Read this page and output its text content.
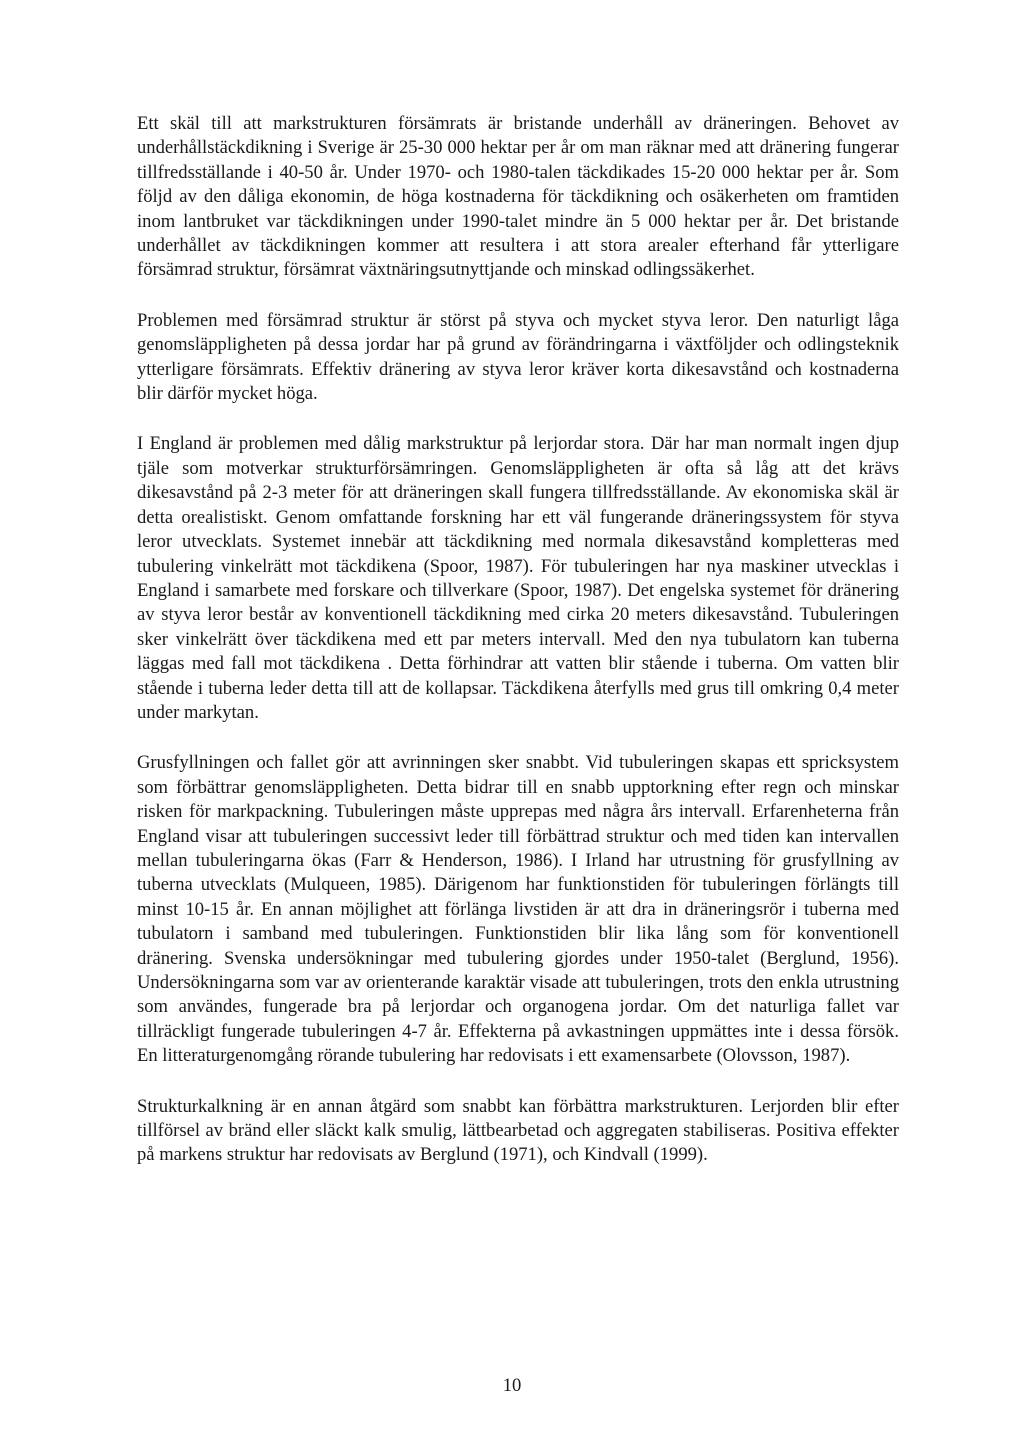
Ett skäl till att markstrukturen försämrats är bristande underhåll av dräneringen. Behovet av underhållstäckdikning i Sverige är 25-30 000 hektar per år om man räknar med att dränering fungerar tillfredsställande i 40-50 år. Under 1970- och 1980-talen täckdikades 15-20 000 hektar per år. Som följd av den dåliga ekonomin, de höga kostnaderna för täckdikning och osäkerheten om framtiden inom lantbruket var täckdikningen under 1990-talet mindre än 5 000 hektar per år. Det bristande underhållet av täckdikningen kommer att resultera i att stora arealer efterhand får ytterligare försämrad struktur, försämrat växtnäringsutnyttjande och minskad odlingssäkerhet.

Problemen med försämrad struktur är störst på styva och mycket styva leror. Den naturligt låga genomsläppligheten på dessa jordar har på grund av förändringarna i växtföljder och odlingsteknik ytterligare försämrats. Effektiv dränering av styva leror kräver korta dikesavstånd och kostnaderna blir därför mycket höga.

I England är problemen med dålig markstruktur på lerjordar stora. Där har man normalt ingen djup tjäle som motverkar strukturförsämringen. Genomsläppligheten är ofta så låg att det krävs dikesavstånd på 2-3 meter för att dräneringen skall fungera tillfredsställande. Av ekonomiska skäl är detta orealistiskt. Genom omfattande forskning har ett väl fungerande dräneringssystem för styva leror utvecklats. Systemet innebär att täckdikning med normala dikesavstånd kompletteras med tubulering vinkelrätt mot täckdikena (Spoor, 1987). För tubuleringen har nya maskiner utvecklas i England i samarbete med forskare och tillverkare (Spoor, 1987). Det engelska systemet för dränering av styva leror består av konventionell täckdikning med cirka 20 meters dikesavstånd. Tubuleringen sker vinkelrätt över täckdikena med ett par meters intervall. Med den nya tubulatorn kan tuberna läggas med fall mot täckdikena . Detta förhindrar att vatten blir stående i tuberna. Om vatten blir stående i tuberna leder detta till att de kollapsar. Täckdikena återfylls med grus till omkring 0,4 meter under markytan.

Grusfyllningen och fallet gör att avrinningen sker snabbt. Vid tubuleringen skapas ett spricksystem som förbättrar genomsläppligheten. Detta bidrar till en snabb upptorkning efter regn och minskar risken för markpackning. Tubuleringen måste upprepas med några års intervall. Erfarenheterna från England visar att tubuleringen successivt leder till förbättrad struktur och med tiden kan intervallen mellan tubuleringarna ökas (Farr & Henderson, 1986). I Irland har utrustning för grusfyllning av tuberna utvecklats (Mulqueen, 1985). Därigenom har funktionstiden för tubuleringen förlängts till minst 10-15 år. En annan möjlighet att förlänga livstiden är att dra in dräneringsrör i tuberna med tubulatorn i samband med tubuleringen. Funktionstiden blir lika lång som för konventionell dränering. Svenska undersökningar med tubulering gjordes under 1950-talet (Berglund, 1956). Undersökningarna som var av orienterande karaktär visade att tubuleringen, trots den enkla utrustning som användes, fungerade bra på lerjordar och organogena jordar. Om det naturliga fallet var tillräckligt fungerade tubuleringen 4-7 år. Effekterna på avkastningen uppmättes inte i dessa försök. En litteraturgenomgång rörande tubulering har redovisats i ett examensarbete (Olovsson, 1987).

Strukturkalkning är en annan åtgärd som snabbt kan förbättra markstrukturen. Lerjorden blir efter tillförsel av bränd eller släckt kalk smulig, lättbearbetad och aggregaten stabiliseras. Positiva effekter på markens struktur har redovisats av Berglund (1971), och Kindvall (1999).

10
